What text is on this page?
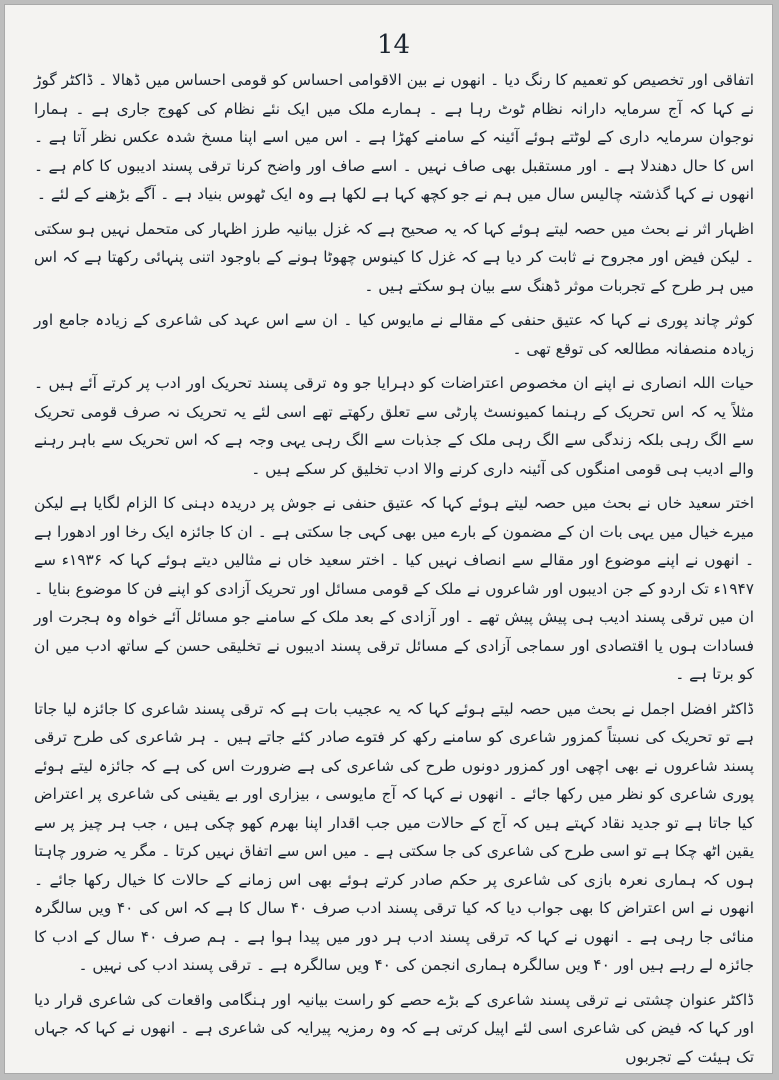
14

اتفاقی اور تخصیص کو تعمیم کا رنگ دیا ۔ انھوں نے بین الاقوامی احساس کو قومی احساس میں ڈھالا ۔ ڈاکٹر گوڑ نے کہا کہ آج سرمایہ دارانہ نظام ٹوٹ رہا ہے ۔ ہمارے ملک میں ایک نئے نظام کی کھوج جاری ہے ۔ ہمارا نوجوان سرمایہ داری کے لوٹتے ہوئے آئینہ کے سامنے کھڑا ہے ۔ اس میں اسے اپنا مسخ شدہ عکس نظر آتا ہے ۔ اس کا حال دھندلا ہے ۔ اور مستقبل بھی صاف نہیں ۔ اسے صاف اور واضح کرنا ترقی پسند ادیبوں کا کام ہے ۔ انھوں نے کہا گذشتہ چالیس سال میں ہم نے جو کچھ کہا ہے لکھا ہے وہ ایک ٹھوس بنیاد ہے ۔ آگے بڑھنے کے لئے ۔

اظہار اثر نے بحث میں حصہ لیتے ہوئے کہا کہ یہ صحیح ہے کہ غزل بیانیہ طرز اظہار کی متحمل نہیں ہو سکتی ۔ لیکن فیض اور مجروح نے ثابت کر دیا ہے کہ غزل کا کینوس چھوٹا ہونے کے باوجود اتنی پنہائی رکھتا ہے کہ اس میں ہر طرح کے تجربات موثر ڈھنگ سے بیان ہو سکتے ہیں ۔

کوثر چاند پوری نے کہا کہ عتیق حنفی کے مقالے نے مایوس کیا ۔ ان سے اس عہد کی شاعری کے زیادہ جامع اور زیادہ منصفانہ مطالعہ کی توقع تھی ۔

حیات اللہ انصاری نے اپنے ان مخصوص اعتراضات کو دہرایا جو وہ ترقی پسند تحریک اور ادب پر کرتے آئے ہیں ۔ مثلاً یہ کہ اس تحریک کے رہنما کمیونسٹ پارٹی سے تعلق رکھتے تھے اسی لئے یہ تحریک نہ صرف قومی تحریک سے الگ رہی بلکہ زندگی سے الگ رہی ملک کے جذبات سے الگ رہی یہی وجہ ہے کہ اس تحریک سے باہر رہنے والے ادیب ہی قومی امنگوں کی آئینہ داری کرنے والا ادب تخلیق کر سکے ہیں ۔

اختر سعید خاں نے بحث میں حصہ لیتے ہوئے کہا کہ عتیق حنفی نے جوش پر دریدہ دہنی کا الزام لگایا ہے لیکن میرے خیال میں یہی بات ان کے مضمون کے بارے میں بھی کہی جا سکتی ہے ۔ ان کا جائزہ ایک رخا اور ادھورا ہے ۔ انھوں نے اپنے موضوع اور مقالے سے انصاف نہیں کیا ۔ اختر سعید خاں نے مثالیں دیتے ہوئے کہا کہ ۱۹۳۶ء سے ۱۹۴۷ء تک اردو کے جن ادیبوں اور شاعروں نے ملک کے قومی مسائل اور تحریک آزادی کو اپنے فن کا موضوع بنایا ۔ ان میں ترقی پسند ادیب ہی پیش پیش تھے ۔ اور آزادی کے بعد ملک کے سامنے جو مسائل آئے خواہ وہ ہجرت اور فسادات ہوں یا اقتصادی اور سماجی آزادی کے مسائل ترقی پسند ادیبوں نے تخلیقی حسن کے ساتھ ادب میں ان کو برتا ہے ۔

ڈاکٹر افضل اجمل نے بحث میں حصہ لیتے ہوئے کہا کہ یہ عجیب بات ہے کہ ترقی پسند شاعری کا جائزہ لیا جاتا ہے تو تحریک کی نسبتاً کمزور شاعری کو سامنے رکھ کر فتوے صادر کئے جاتے ہیں ۔ ہر شاعری کی طرح ترقی پسند شاعروں نے بھی اچھی اور کمزور دونوں طرح کی شاعری کی ہے ضرورت اس کی ہے کہ جائزہ لیتے ہوئے پوری شاعری کو نظر میں رکھا جائے ۔ انھوں نے کہا کہ آج مایوسی ، بیزاری اور بے یقینی کی شاعری پر اعتراض کیا جاتا ہے تو جدید نقاد کہتے ہیں کہ آج کے حالات میں جب اقدار اپنا بھرم کھو چکی ہیں ، جب ہر چیز پر سے یقین اٹھ چکا ہے تو اسی طرح کی شاعری کی جا سکتی ہے ۔ میں اس سے اتفاق نہیں کرتا ۔ مگر یہ ضرور چاہتا ہوں کہ ہماری نعرہ بازی کی شاعری پر حکم صادر کرتے ہوئے بھی اس زمانے کے حالات کا خیال رکھا جائے ۔ انھوں نے اس اعتراض کا بھی جواب دیا کہ کیا ترقی پسند ادب صرف ۴۰ سال کا ہے کہ اس کی ۴۰ ویں سالگرہ منائی جا رہی ہے ۔ انھوں نے کہا کہ ترقی پسند ادب ہر دور میں پیدا ہوا ہے ۔ ہم صرف ۴۰ سال کے ادب کا جائزہ لے رہے ہیں اور ۴۰ ویں سالگرہ ہماری انجمن کی ۴۰ ویں سالگرہ ہے ۔ ترقی پسند ادب کی نہیں ۔

ڈاکٹر عنوان چشتی نے ترقی پسند شاعری کے بڑے حصے کو راست بیانیہ اور ہنگامی واقعات کی شاعری قرار دیا اور کہا کہ فیض کی شاعری اسی لئے اپیل کرتی ہے کہ وہ رمزیہ پیرایہ کی شاعری ہے ۔ انھوں نے کہا کہ جہاں تک ہیئت کے تجربوں
